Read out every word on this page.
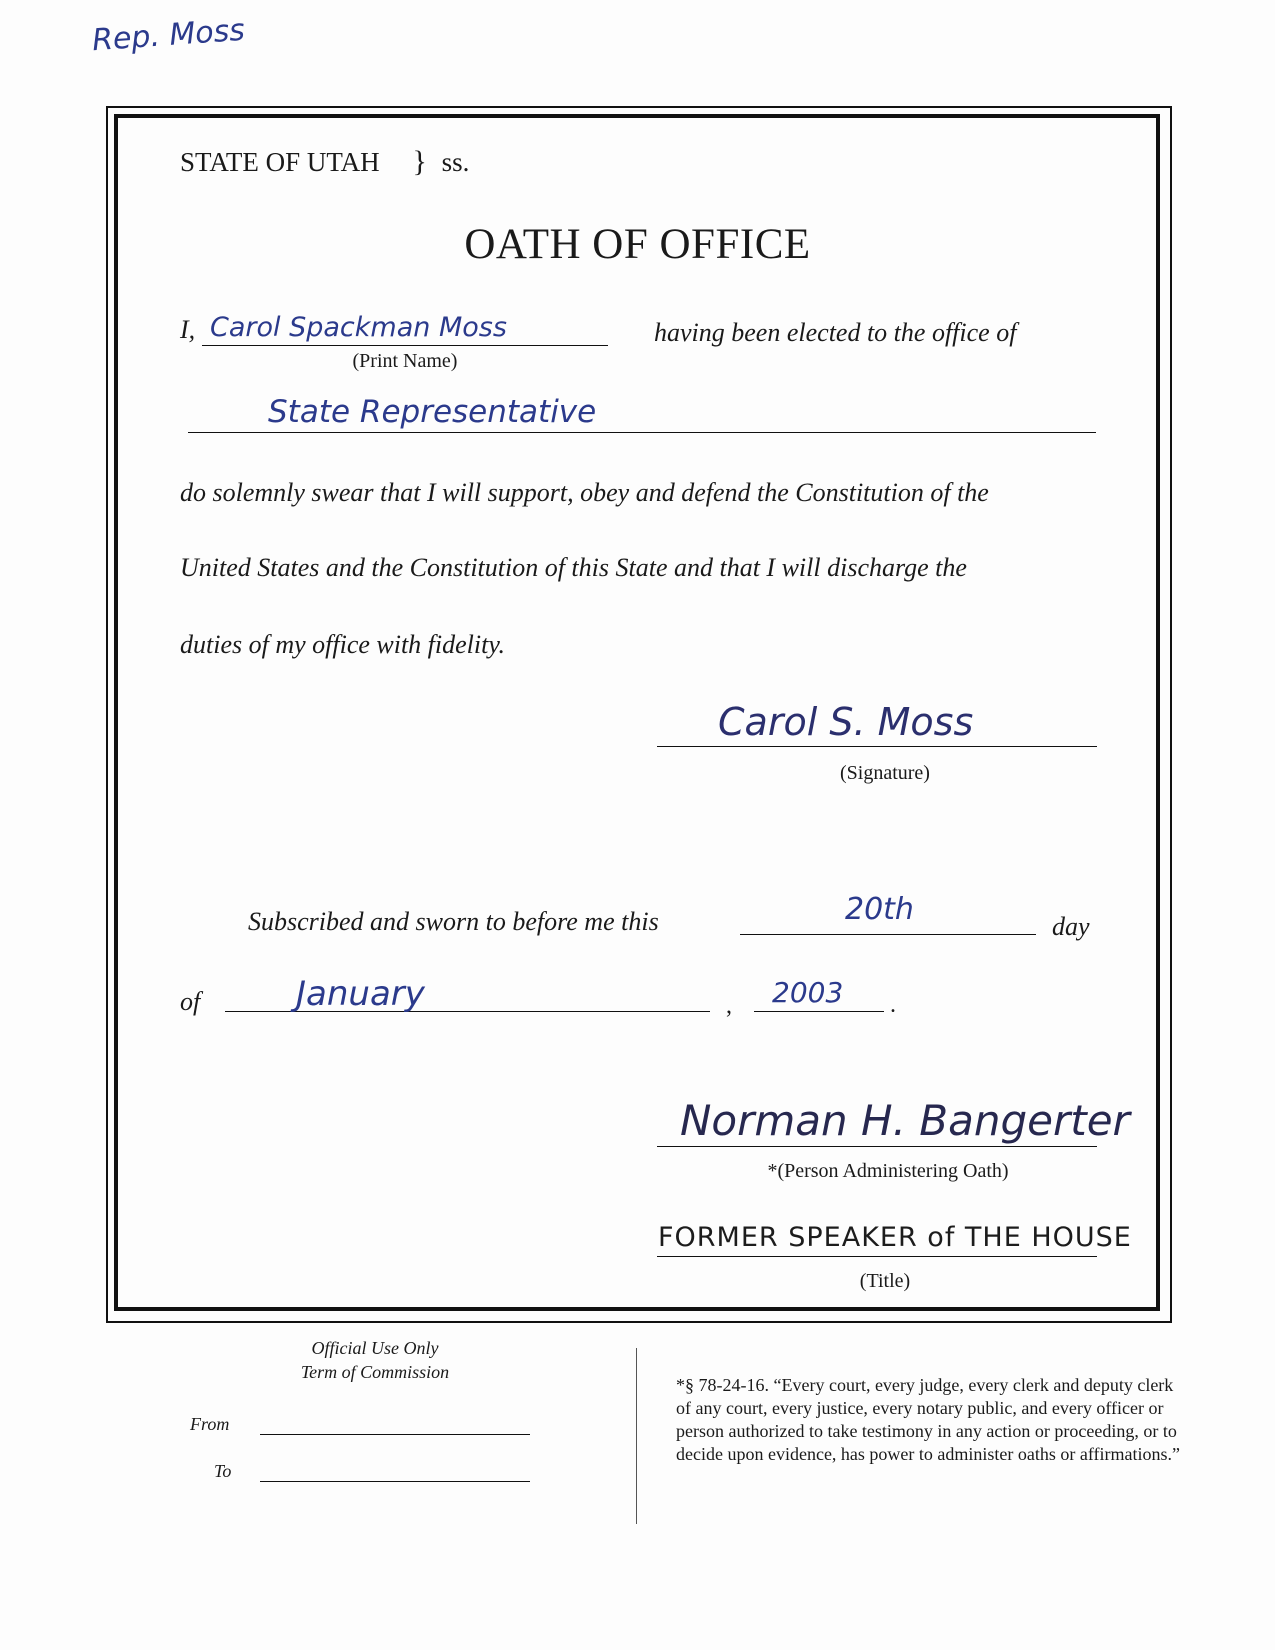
Rep. Moss
STATE OF UTAH } ss.
OATH OF OFFICE
I, Carol Spackman Moss
(Print Name)
having been elected to the office of
State Representative
do solemnly swear that I will support, obey and defend the Constitution of the
United States and the Constitution of this State and that I will discharge the
duties of my office with fidelity.
Carol S. Moss
(Signature)
Subscribed and sworn to before me this	20th	day
of	January	, 2003 .
Norman H. Bangerter
*(Person Administering Oath)
FORMER SPEAKER of THE HOUSE
(Title)
Official Use Only
Term of Commission
From
To
*§ 78-24-16. “Every court, every judge, every clerk and deputy clerk of any court, every justice, every notary public, and every officer or person authorized to take testimony in any action or proceeding, or to decide upon evidence, has power to administer oaths or affirmations.”
